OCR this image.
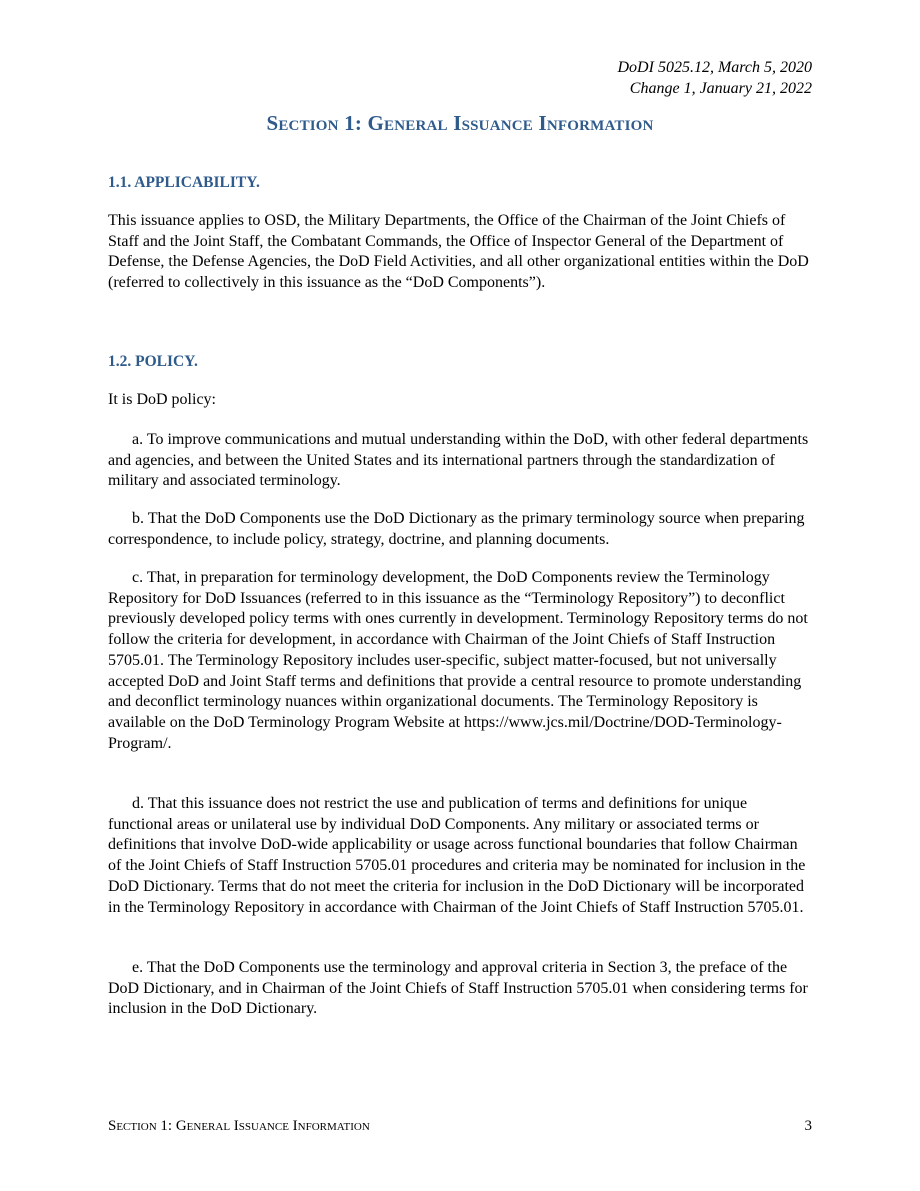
DoDI 5025.12, March 5, 2020
Change 1, January 21, 2022
Section 1: General Issuance Information
1.1. APPLICABILITY.

This issuance applies to OSD, the Military Departments, the Office of the Chairman of the Joint Chiefs of Staff and the Joint Staff, the Combatant Commands, the Office of Inspector General of the Department of Defense, the Defense Agencies, the DoD Field Activities, and all other organizational entities within the DoD (referred to collectively in this issuance as the “DoD Components”).

1.2. POLICY.

It is DoD policy:

a. To improve communications and mutual understanding within the DoD, with other federal departments and agencies, and between the United States and its international partners through the standardization of military and associated terminology.

b. That the DoD Components use the DoD Dictionary as the primary terminology source when preparing correspondence, to include policy, strategy, doctrine, and planning documents.

c. That, in preparation for terminology development, the DoD Components review the Terminology Repository for DoD Issuances (referred to in this issuance as the “Terminology Repository”) to deconflict previously developed policy terms with ones currently in development. Terminology Repository terms do not follow the criteria for development, in accordance with Chairman of the Joint Chiefs of Staff Instruction 5705.01. The Terminology Repository includes user-specific, subject matter-focused, but not universally accepted DoD and Joint Staff terms and definitions that provide a central resource to promote understanding and deconflict terminology nuances within organizational documents. The Terminology Repository is available on the DoD Terminology Program Website at https://www.jcs.mil/Doctrine/DOD-Terminology-Program/.

d. That this issuance does not restrict the use and publication of terms and definitions for unique functional areas or unilateral use by individual DoD Components. Any military or associated terms or definitions that involve DoD-wide applicability or usage across functional boundaries that follow Chairman of the Joint Chiefs of Staff Instruction 5705.01 procedures and criteria may be nominated for inclusion in the DoD Dictionary. Terms that do not meet the criteria for inclusion in the DoD Dictionary will be incorporated in the Terminology Repository in accordance with Chairman of the Joint Chiefs of Staff Instruction 5705.01.

e. That the DoD Components use the terminology and approval criteria in Section 3, the preface of the DoD Dictionary, and in Chairman of the Joint Chiefs of Staff Instruction 5705.01 when considering terms for inclusion in the DoD Dictionary.

Section 1: General Issuance Information	3
